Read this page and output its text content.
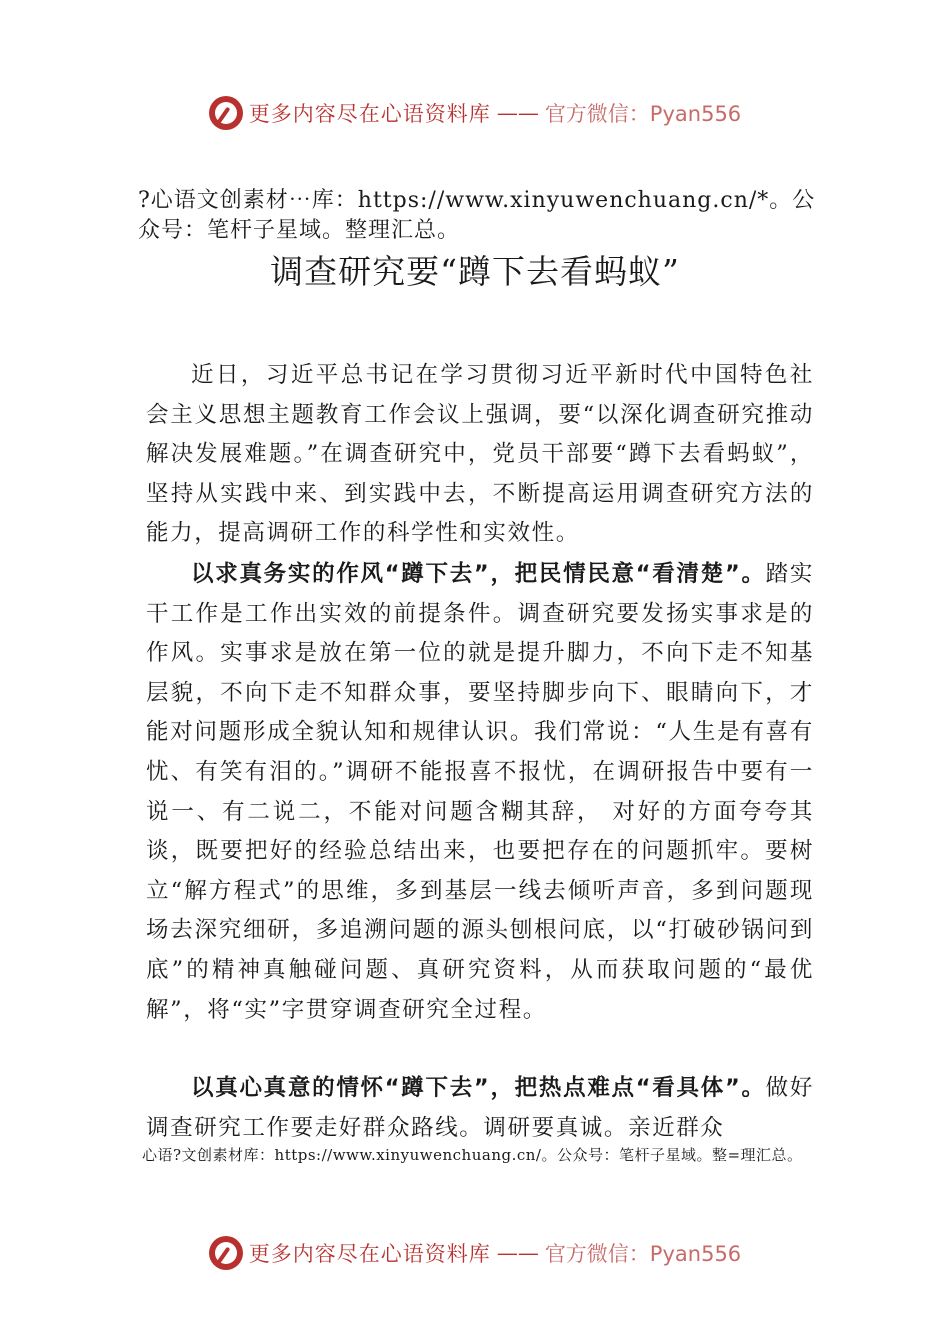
更多内容尽在心语资料库 —— 官方微信：Pyan556
?心语文创素材⋯库：https://www.xinyuwenchuang.cn/*。公众号：笔杆子星域。整理汇总。
调查研究要“蹲下去看蚂蚁”

近日，习近平总书记在学习贯彻习近平新时代中国特色社会主义思想主题教育工作会议上强调，要“以深化调查研究推动解决发展难题。”在调查研究中，党员干部要“蹲下去看蚂蚁”，坚持从实践中来、到实践中去，不断提高运用调查研究方法的能力，提高调研工作的科学性和实效性。

以求真务实的作风“蹲下去”，把民情民意“看清楚”。踏实干工作是工作出实效的前提条件。调查研究要发扬实事求是的作风。实事求是放在第一位的就是提升脚力，不向下走不知基层貌，不向下走不知群众事，要坚持脚步向下、眼睛向下，才能对问题形成全貌认知和规律认识。我们常说：“人生是有喜有忧、有笑有泪的。”调研不能报喜不报忧，在调研报告中要有一说一、有二说二，不能对问题含糊其辞， 对好的方面夸夸其谈，既要把好的经验总结出来，也要把存在的问题抓牢。要树立“解方程式”的思维，多到基层一线去倾听声音，多到问题现场去深究细研，多追溯问题的源头刨根问底，以“打破砂锅问到底”的精神真触碰问题、真研究资料，从而获取问题的“最优解”，将“实”字贯穿调查研究全过程。

以真心真意的情怀“蹲下去”，把热点难点“看具体”。做好调查研究工作要走好群众路线。调研要真诚。亲近群众

心语?文创素材库：https://www.xinyuwenchuang.cn/。公众号：笔杆子星域。整=理汇总。
更多内容尽在心语资料库 —— 官方微信：Pyan556
